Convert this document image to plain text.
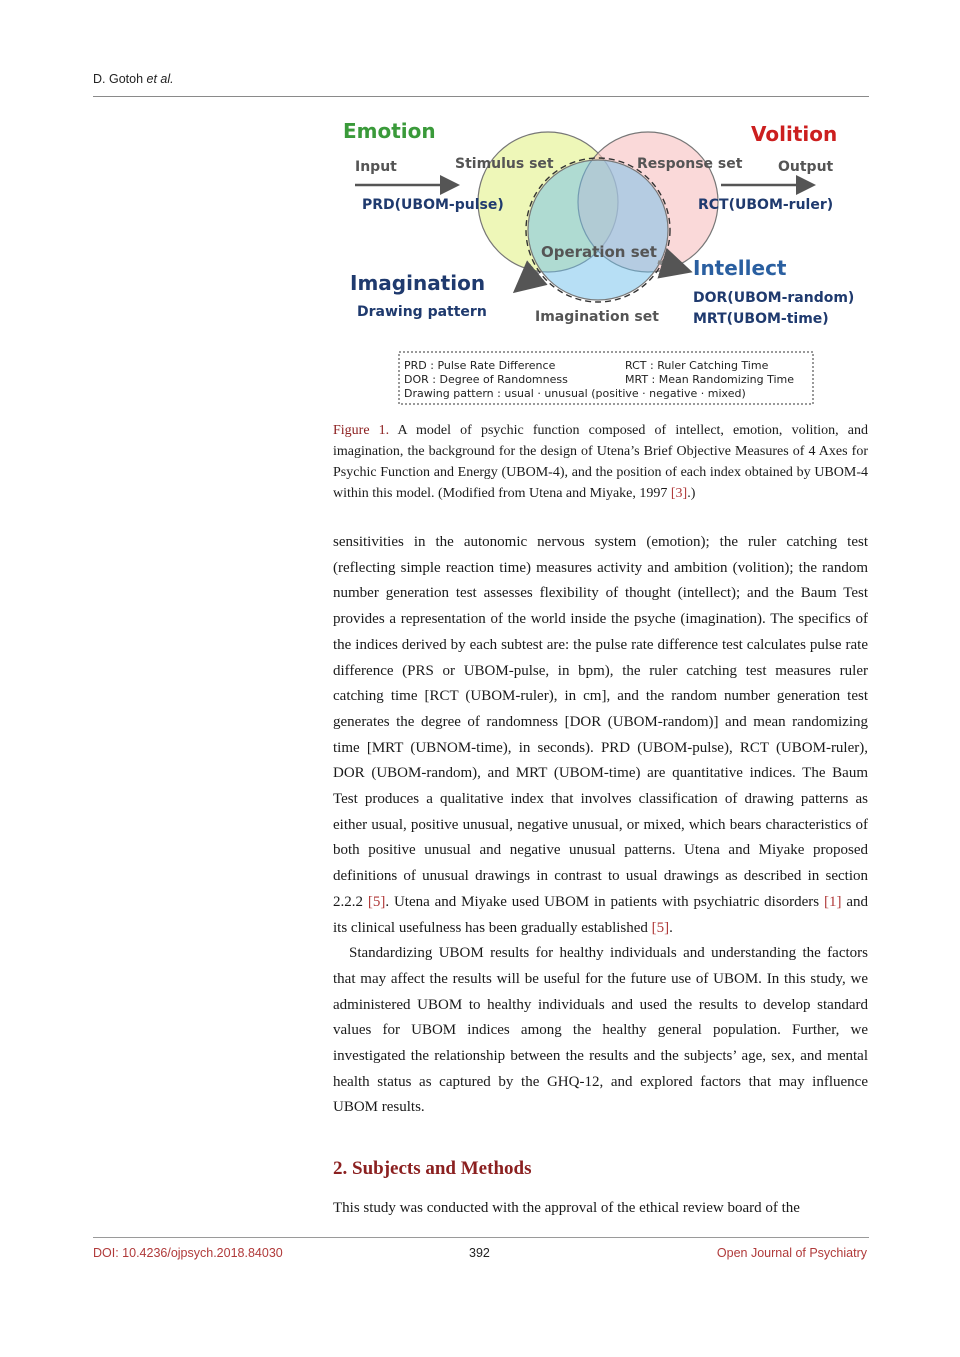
D. Gotoh et al.
Emotion	Volition
Input	Output
Stimulus set	Response set
Operation set
Imagination set
PRD(UBOM-pulse)	RCT(UBOM-ruler)
Imagination
Drawing pattern
Intellect
DOR(UBOM-random)
MRT(UBOM-time)
PRD : Pulse Rate Difference	RCT : Ruler Catching Time
DOR : Degree of Randomness	MRT : Mean Randomizing Time
Drawing pattern : usual · unusual (positive · negative · mixed)
Figure 1. A model of psychic function composed of intellect, emotion, volition, and imagination, the background for the design of Utena’s Brief Objective Measures of 4 Axes for Psychic Function and Energy (UBOM-4), and the position of each index obtained by UBOM-4 within this model. (Modified from Utena and Miyake, 1997 [3].)

sensitivities in the autonomic nervous system (emotion); the ruler catching test (reflecting simple reaction time) measures activity and ambition (volition); the random number generation test assesses flexibility of thought (intellect); and the Baum Test provides a representation of the world inside the psyche (imagination). The specifics of the indices derived by each subtest are: the pulse rate difference test calculates pulse rate difference (PRS or UBOM-pulse, in bpm), the ruler catching test measures ruler catching time [RCT (UBOM-ruler), in cm], and the random number generation test generates the degree of randomness [DOR (UBOM-random)] and mean randomizing time [MRT (UBNOM-time), in seconds). PRD (UBOM-pulse), RCT (UBOM-ruler), DOR (UBOM-random), and MRT (UBOM-time) are quantitative indices. The Baum Test produces a qualitative index that involves classification of drawing patterns as either usual, positive unusual, negative unusual, or mixed, which bears characteristics of both positive unusual and negative unusual patterns. Utena and Miyake proposed definitions of unusual drawings in contrast to usual drawings as described in section 2.2.2 [5]. Utena and Miyake used UBOM in patients with psychiatric disorders [1] and its clinical usefulness has been gradually established [5].

Standardizing UBOM results for healthy individuals and understanding the factors that may affect the results will be useful for the future use of UBOM. In this study, we administered UBOM to healthy individuals and used the results to develop standard values for UBOM indices among the healthy general population. Further, we investigated the relationship between the results and the subjects’ age, sex, and mental health status as captured by the GHQ-12, and explored factors that may influence UBOM results.

2. Subjects and Methods
This study was conducted with the approval of the ethical review board of the
DOI: 10.4236/ojpsych.2018.84030	392	Open Journal of Psychiatry
